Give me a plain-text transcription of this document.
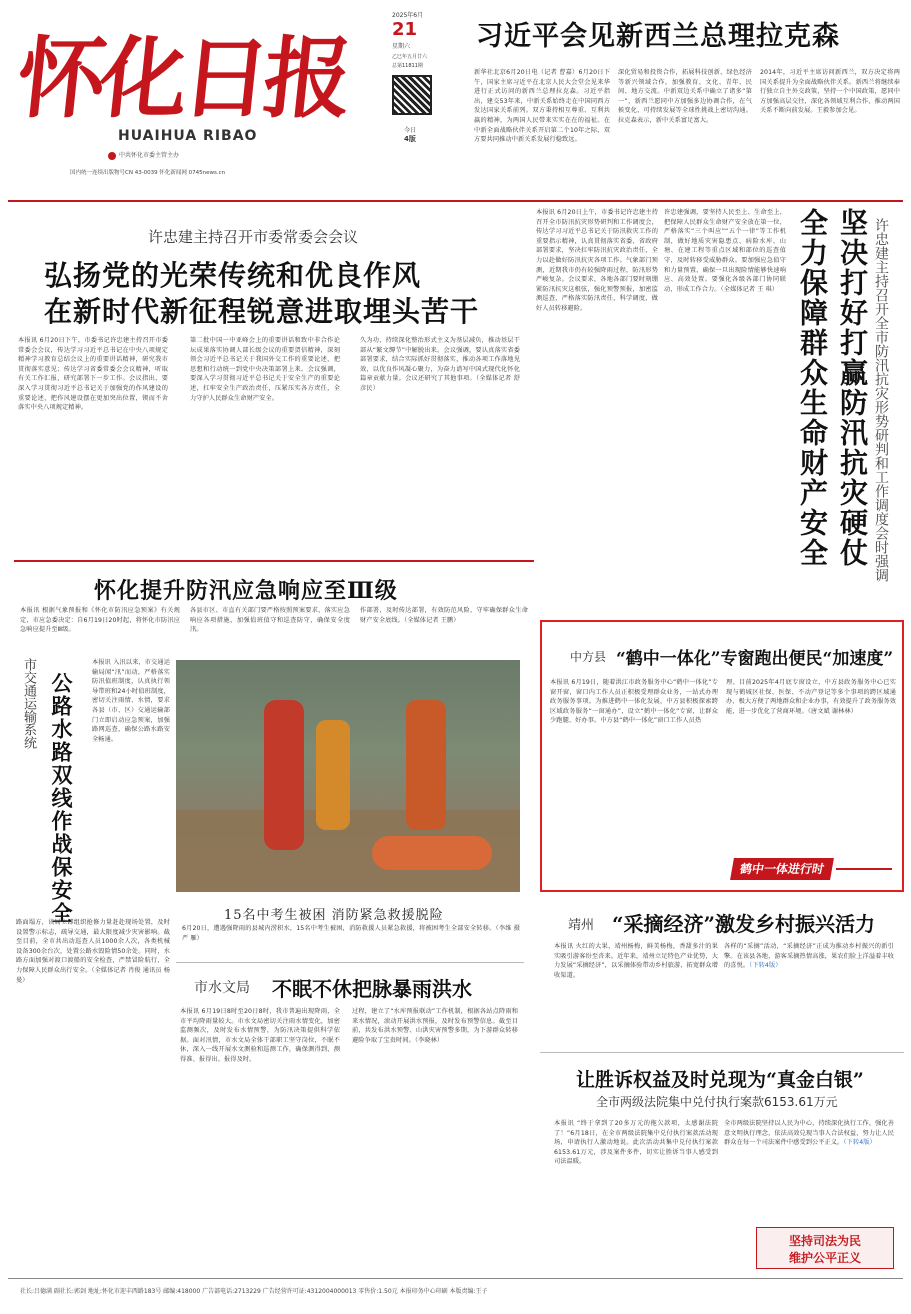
怀化日报
HUAIHUA RIBAO
中共怀化市委主管主办
国内统一连续出版物号CN 43-0039 怀化新闻网 0745news.cn
2025年6月
21
星期六
乙巳年五月廿六
总第11811期
今日
4版
习近平会见新西兰总理拉克森
新华社北京6月20日电（记者 曹嘉）6月20日下午，国家主席习近平在北京人民大会堂会见来华进行正式访问的新西兰总理拉克森。习近平指出，建交53年来，中新关系始终走在中国同西方发达国家关系前列。双方秉持相互尊重、互利共赢的精神，为两国人民带来实实在在的福祉。在中新全面战略伙伴关系开启第二个10年之际，双方要共同推动中新关系发展行稳致远。
深化贸易和投资合作，拓展科技创新、绿色经济等新兴领域合作，加强教育、文化、青年、民间、地方交流。中新双边关系中确立了诸多“第一”，新西兰愿同中方加强多边协调合作，在气候变化、可持续发展等全球性挑战上密切沟通。拉克森表示，新中关系富足富大。
2014年，习近平主席访问新西兰，双方决定将两国关系提升为全面战略伙伴关系。新西兰将继续奉行独立自主外交政策，坚持一个中国政策，愿同中方加强高层交往，深化各领域互利合作，推动两国关系不断向前发展。王毅参加会见。
许忠建主持召开市委常委会会议
弘扬党的光荣传统和优良作风
在新时代新征程锐意进取埋头苦干
本报讯 6月20日下午，市委书记许忠建主持召开市委常委会会议，传达学习习近平总书记在中央八项规定精神学习教育总结会议上的重要讲话精神，研究我市贯彻落实意见；传达学习省委常委会会议精神，听取有关工作汇报，研究部署下一步工作。会议指出，要深入学习贯彻习近平总书记关于加强党的作风建设的重要论述，把作风建设摆在更加突出位置，锲而不舍落实中央八项规定精神。
第二批中国一中亚峰会上的重要讲话和致中非合作论坛成果落实协调人部长级会议的重要贺信精神，深刻领会习近平总书记关于我国外交工作的重要论述，把思想和行动统一到党中央决策部署上来。会议强调，要深入学习贯彻习近平总书记关于安全生产的重要论述，扛牢安全生产政治责任，压紧压实各方责任，全力守护人民群众生命财产安全。
久为功，持续深化整治形式主义为基层减负，推动基层干部从“繁文缛节”中解脱出来。会议强调，要认真落实省委部署要求，结合实际抓好贯彻落实，推动各项工作落地见效，以优良作风凝心聚力，为奋力谱写中国式现代化怀化篇章贡献力量。会议还研究了其他事项。（全媒体记者 舒彦民）
本报讯 6月20日上午，市委书记许忠建主持召开全市防汛抗灾形势研判和工作调度会，传达学习习近平总书记关于防汛救灾工作的重要指示精神，认真贯彻落实省委、省政府部署要求，坚决扛牢防汛抗灾政治责任，全力以赴做好防汛抗灾各项工作。气象部门预测，近期我市仍有较强降雨过程，防汛形势严峻复杂。会议要求，各地各部门要时刻绷紧防汛抗灾这根弦，强化预警预报，加密监测巡查，严格落实防汛责任，科学调度，做好人员转移避险。
许忠建强调，要坚持人民至上、生命至上，把保障人民群众生命财产安全放在第一位，严格落实“三个叫应”“五个一律”等工作机制，做好地质灾害隐患点、病险水库、山塘、在建工程等重点区域和部位的巡查值守，及时转移受威胁群众。要加强应急值守和力量预置，确保一旦出现险情能够快速响应、高效处置。要强化各级各部门协同联动，形成工作合力。（全媒体记者 王 琪）	坚决打好打赢防汛抗灾硬仗 全力保障群众生命财产安全	许忠建主持召开全市防汛抗灾形势研判和工作调度会时强调
怀化提升防汛应急响应至Ⅲ级
本报讯 根据气象预报和《怀化市防汛应急预案》有关规定，市应急委决定：自6月19日20时起，将怀化市防汛应急响应提升至Ⅲ级。
各县市区、市直有关部门要严格按照预案要求，落实应急响应各项措施，加强值班值守和巡查防守，确保安全度汛。
作部署，及时传达部署，有效防范风险，守牢确保群众生命财产安全底线。（全媒体记者 王鹏）
市交通运输系统 公路水路双线作战保安全
本报讯 入汛以来，市交通运输局闻“汛”而动，严格落实防汛值班制度，认真执行领导带班和24小时值班制度，密切关注雨情、水情，要求各县（市、区）交通运输部门立即启动应急预案，加强路网巡查，确保公路水路安全畅通。
路面塌方，该局立即组织抢修力量赶赴现场处置，及时设置警示标志，疏导交通，最大限度减少灾害影响。截至目前，全市共出动巡查人员1000余人次，各类机械设备300余台次，处置公路水毁险情50余处。同时，水路方面加强对渡口渡船的安全检查，严禁冒险航行，全力保障人民群众出行安全。（全媒体记者 肖俊 通讯员 杨曼）
15名中考生被困 消防紧急救援脱险
6月20日，遭遇强降雨的县城内涝积水，15名中考生被困，消防救援人员紧急救援，将被困考生全部安全转移。（李维 摄 严 雁）
市水文局 不眠不休把脉暴雨洪水
本报讯 6月19日8时至20日8时，我市普遍出现降雨，全市平均降雨量较大。市水文局密切关注雨水情变化，加密监测频次，及时发布水情预警，为防汛决策提供科学依据。面对汛情，市水文局全体干部职工坚守岗位，不眠不休，深入一线开展水文测验和巡测工作，确保测得到、测得准、报得出、报得及时。
过程，建立了“水库预报联动”工作机制，根据各站点降雨和来水情况，滚动开展洪水预报，及时发布预警信息。截至目前，共发布洪水预警、山洪灾害预警多期，为下游群众转移避险争取了宝贵时间。（李晓林）
中方县 “鹤中一体化”专窗跑出便民“加速度”
本报讯 6月19日，随着洪江市政务服务中心“鹤中一体化”专窗开窗，窗口内工作人员正积极受理群众业务，一站式办理政务服务事项。为推进鹤中一体化发展，中方县积极探索跨区域政务服务“一窗通办”，设立“鹤中一体化”专窗，让群众少跑腿、好办事。中方县“鹤中一体化”窗口工作人员热
理、目前2025年4月底专窗设立，中方县政务服务中心已实现与鹤城区社保、医保、不动产登记等多个事项的跨区域通办，极大方便了两地群众和企业办事，有效提升了政务服务效能，进一步优化了营商环境。（唐文斌 谢林林）
鹤中一体进行时
靖州 “采摘经济”激发乡村振兴活力
本报讯 火红的大果，靖州杨梅，鲜美杨梅，香甜多汁的果实吸引游客纷至沓来。近年来，靖州立足特色产业优势，大力发展“采摘经济”，以采摘体验带动乡村旅游，拓宽群众增收渠道。
各样的“采摘”活动，“采摘经济”正成为推动乡村振兴的新引擎。在该县各地，游客采摘热情高涨，果农们脸上洋溢着丰收的喜悦。（下转4版）
让胜诉权益及时兑现为“真金白银”
全市两级法院集中兑付执行案款6153.61万元
本报讯 “终于拿到了20多万元的拖欠款项，太感谢法院了！”6月18日，在全市两级法院集中兑付执行案款活动现场，申请执行人激动地说。此次活动共集中兑付执行案款6153.61万元，涉及案件多件，切实让胜诉当事人感受到司法温暖。
全市两级法院坚持以人民为中心，持续深化执行工作，强化善意文明执行理念，依法高效兑现当事人合法权益，努力让人民群众在每一个司法案件中感受到公平正义。（下转4版）
坚持司法为民
维护公平正义
社长:吕德满 副社长:郭剑 地址:怀化市迎丰西路183号 邮编:418000 广告部电话:2713229 广告经营许可证:4312004000013 零售价:1.50元 本报印务中心印刷 本版责编:王子
